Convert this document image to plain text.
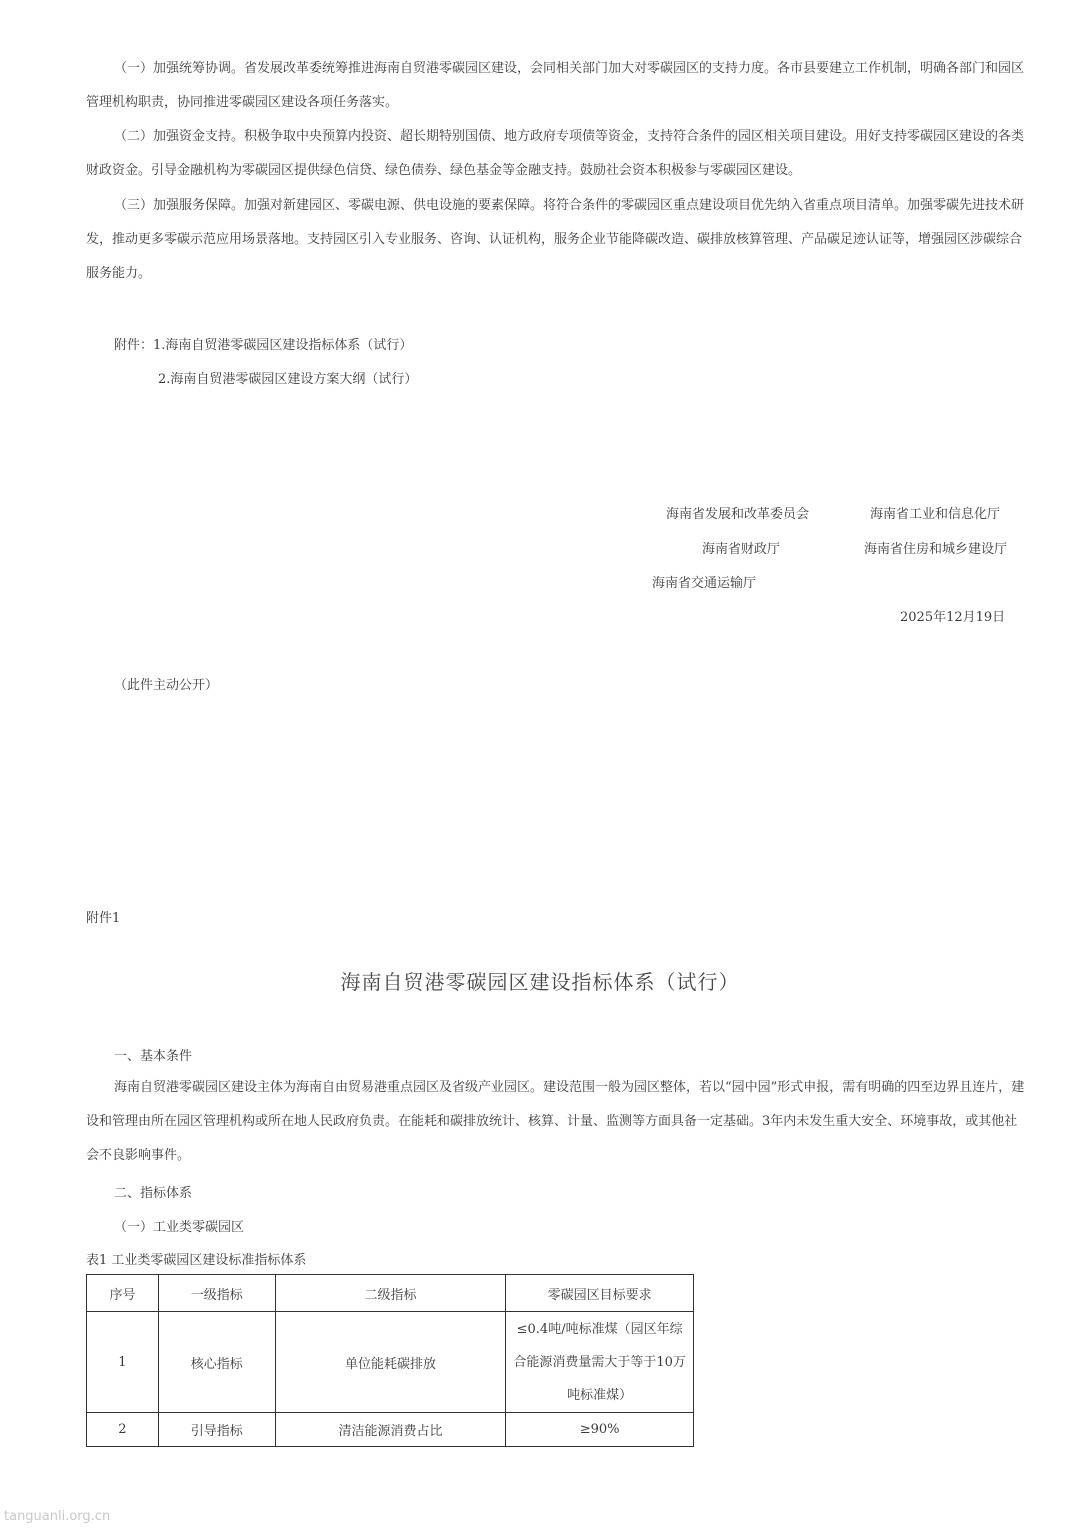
（一）加强统筹协调。省发展改革委统筹推进海南自贸港零碳园区建设，会同相关部门加大对零碳园区的支持力度。各市县要建立工作机制，明确各部门和园区管理机构职责，协同推进零碳园区建设各项任务落实。

（二）加强资金支持。积极争取中央预算内投资、超长期特别国债、地方政府专项债等资金，支持符合条件的园区相关项目建设。用好支持零碳园区建设的各类财政资金。引导金融机构为零碳园区提供绿色信贷、绿色债券、绿色基金等金融支持。鼓励社会资本积极参与零碳园区建设。

（三）加强服务保障。加强对新建园区、零碳电源、供电设施的要素保障。将符合条件的零碳园区重点建设项目优先纳入省重点项目清单。加强零碳先进技术研发，推动更多零碳示范应用场景落地。支持园区引入专业服务、咨询、认证机构，服务企业节能降碳改造、碳排放核算管理、产品碳足迹认证等，增强园区涉碳综合服务能力。

附件：1.海南自贸港零碳园区建设指标体系（试行）
2.海南自贸港零碳园区建设方案大纲（试行）
海南省发展和改革委员会	海南省工业和信息化厅
海南省财政厅	海南省住房和城乡建设厅
海南省交通运输厅
2025年12月19日
（此件主动公开）
附件1
海南自贸港零碳园区建设指标体系（试行）
一、基本条件

海南自贸港零碳园区建设主体为海南自由贸易港重点园区及省级产业园区。建设范围一般为园区整体，若以“园中园”形式申报，需有明确的四至边界且连片，建设和管理由所在园区管理机构或所在地人民政府负责。在能耗和碳排放统计、核算、计量、监测等方面具备一定基础。3年内未发生重大安全、环境事故，或其他社会不良影响事件。

二、指标体系
（一）工业类零碳园区
表1 工业类零碳园区建设标准指标体系
序号	一级指标	二级指标	零碳园区目标要求
1	核心指标	单位能耗碳排放	≤0.4吨/吨标准煤（园区年综合能源消费量需大于等于10万吨标准煤）
2	引导指标	清洁能源消费占比	≥90%
tanguanli.org.cn
